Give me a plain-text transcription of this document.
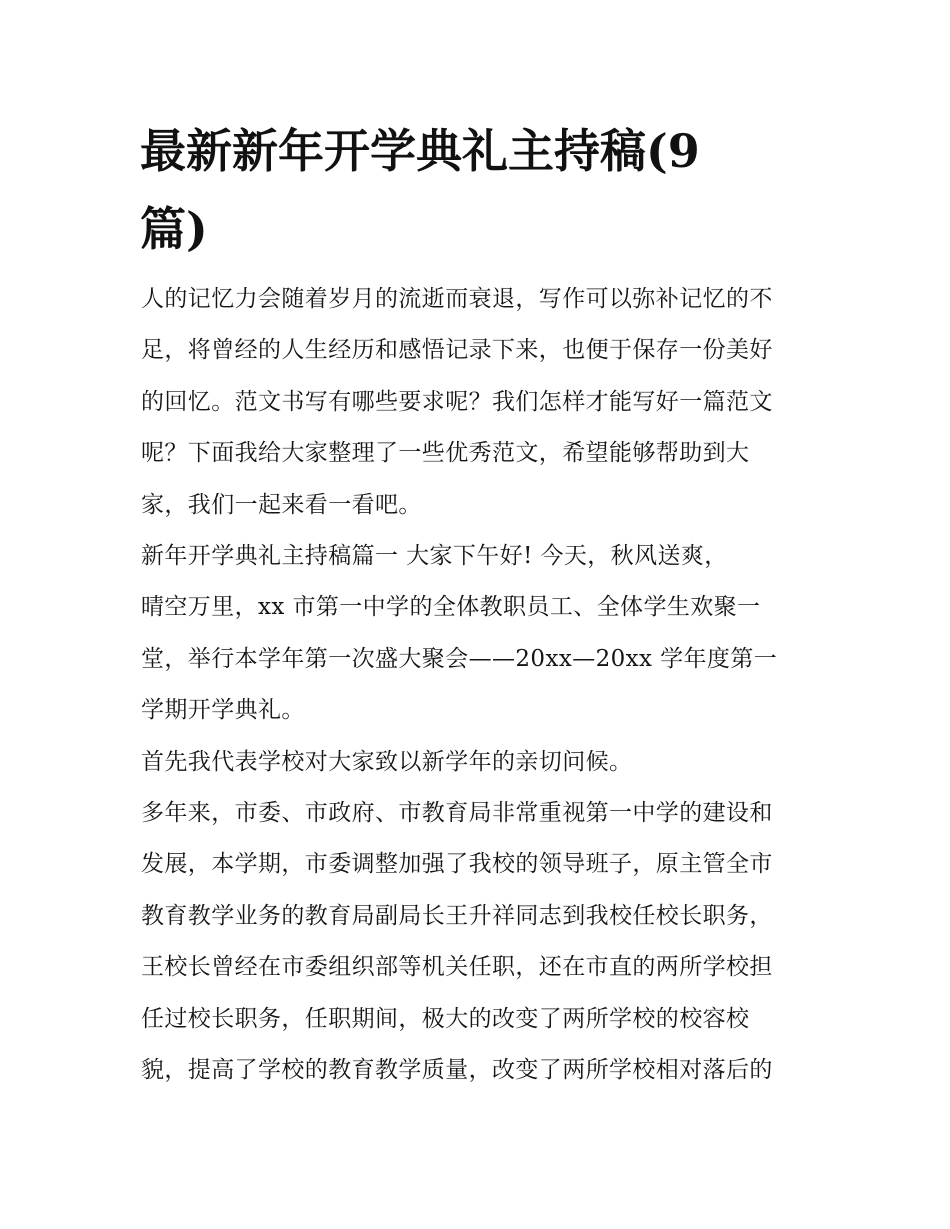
最新新年开学典礼主持稿(9
篇)

人的记忆力会随着岁月的流逝而衰退，写作可以弥补记忆的不
足，将曾经的人生经历和感悟记录下来，也便于保存一份美好
的回忆。范文书写有哪些要求呢？我们怎样才能写好一篇范文
呢？下面我给大家整理了一些优秀范文，希望能够帮助到大
家，我们一起来看一看吧。

新年开学典礼主持稿篇一 大家下午好! 今天，秋风送爽，
晴空万里，xx 市第一中学的全体教职员工、全体学生欢聚一
堂，举行本学年第一次盛大聚会——20xx—20xx 学年度第一
学期开学典礼。

首先我代表学校对大家致以新学年的亲切问候。

多年来，市委、市政府、市教育局非常重视第一中学的建设和
发展，本学期，市委调整加强了我校的领导班子，原主管全市
教育教学业务的教育局副局长王升祥同志到我校任校长职务，
王校长曾经在市委组织部等机关任职，还在市直的两所学校担
任过校长职务，任职期间，极大的改变了两所学校的校容校
貌，提高了学校的教育教学质量，改变了两所学校相对落后的
